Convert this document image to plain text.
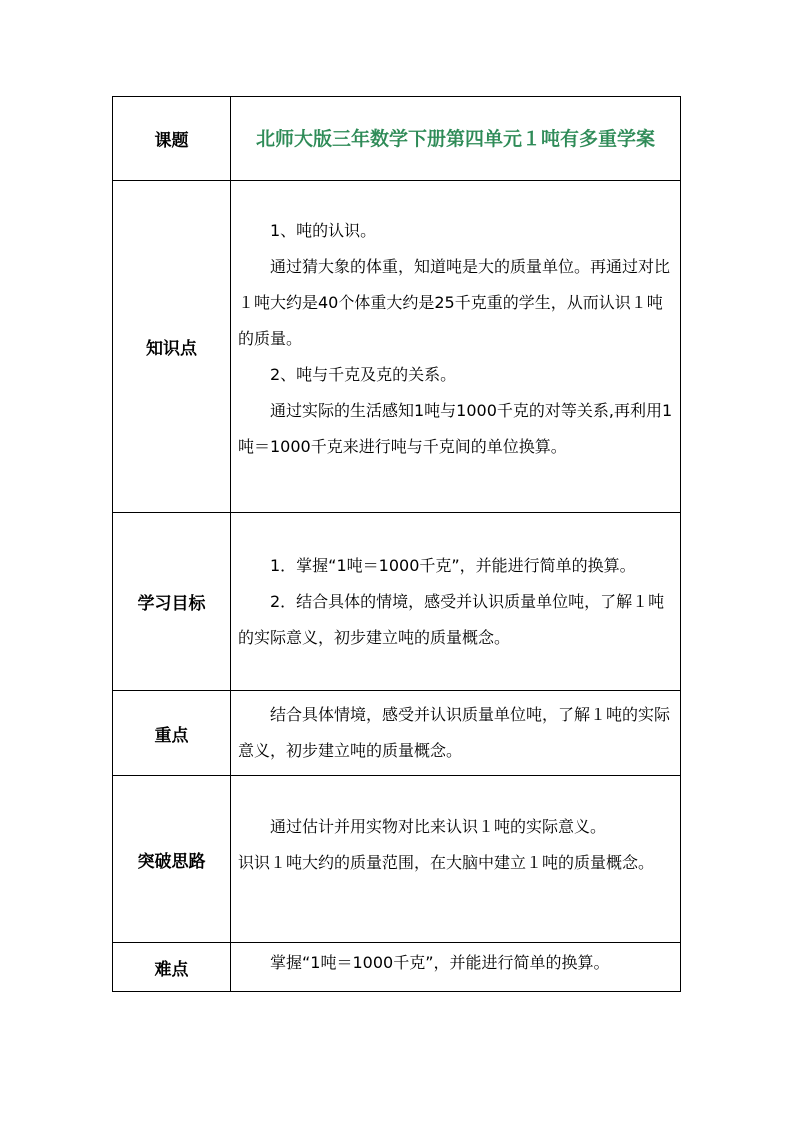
课题	北师大版三年数学下册第四单元１吨有多重学案
知识点	1、吨的认识。

通过猜大象的体重，知道吨是大的质量单位。再通过对比１吨大约是40个体重大约是25千克重的学生，从而认识１吨的质量。

2、吨与千克及克的关系。

通过实际的生活感知1吨与1000千克的对等关系,再利用1吨＝1000千克来进行吨与千克间的单位换算。

学习目标	1．掌握“1吨＝1000千克”，并能进行简单的换算。

2．结合具体的情境，感受并认识质量单位吨，了解１吨的实际意义，初步建立吨的质量概念。

重点	结合具体情境，感受并认识质量单位吨，了解１吨的实际意义，初步建立吨的质量概念。

突破思路	通过估计并用实物对比来认识１吨的实际意义。

识识１吨大约的质量范围，在大脑中建立１吨的质量概念。

难点	掌握“1吨＝1000千克”，并能进行简单的换算。
